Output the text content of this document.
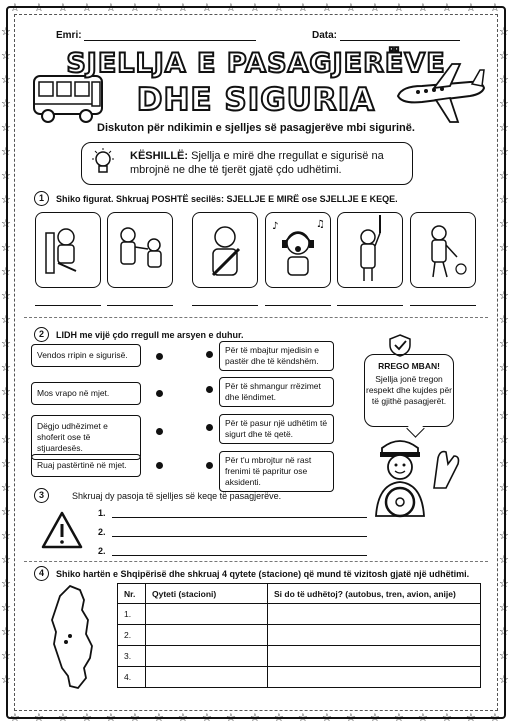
☆
☆
☆
☆
☆
☆
☆
☆
☆
☆
☆
☆
☆
☆
☆
☆
☆
☆
☆
☆
☆
☆
☆
☆
☆
☆
☆
☆
☆
☆
☆
☆
☆
☆
☆
☆
☆
☆
☆
☆
☆
☆
☆	☆
☆	☆
☆	☆
☆	☆
☆	☆
☆	☆
☆	☆
☆	☆
☆	☆
☆	☆
☆	☆
☆	☆
☆	☆
☆	☆
☆	☆
☆	☆
☆	☆
☆	☆
☆	☆
☆	☆
☆	☆
☆	☆
☆	☆
☆	☆
☆	☆
☆	☆
☆	☆
☆	☆
Emri:	Data:
SJELLJA E PASAGJERËVE
DHE SIGURIA
Diskuton për ndikimin e sjelljes së pasagjerëve mbi sigurinë.
KËSHILLË: Sjellja e mirë dhe rregullat e sigurisë na mbrojnë ne dhe të tjerët gjatë çdo udhëtimi.
1	Shiko figurat. Shkruaj POSHTË secilës: SJELLJE E MIRË ose SJELLJE E KEQE.
♪	♫
2	LIDH me vijë çdo rregull me arsyen e duhur.
Vendos rripin e sigurisë.
Mos vrapo në mjet.
Dëgjo udhëzimet e shoferit ose të stjuardesës.
Ruaj pastërtinë në mjet.
Për të mbajtur mjedisin e pastër dhe të këndshëm.
Për të shmangur rrëzimet dhe lëndimet.
Për të pasur një udhëtim të sigurt dhe të qetë.
Për t'u mbrojtur në rast frenimi të papritur ose aksidenti.
RREGO MBAN!
Sjellja jonë tregon respekt dhe kujdes për të gjithë pasagjerët.
3	Shkruaj dy pasoja të sjelljes së keqe të pasagjerëve.
1.
2.
2.
4	Shiko hartën e Shqipërisë dhe shkruaj 4 qytete (stacione) që mund të vizitosh gjatë një udhëtimi.
Nr.	Qyteti (stacioni)	Si do të udhëtoj? (autobus, tren, avion, anije)
1.		
2.		
3.		
4.		
